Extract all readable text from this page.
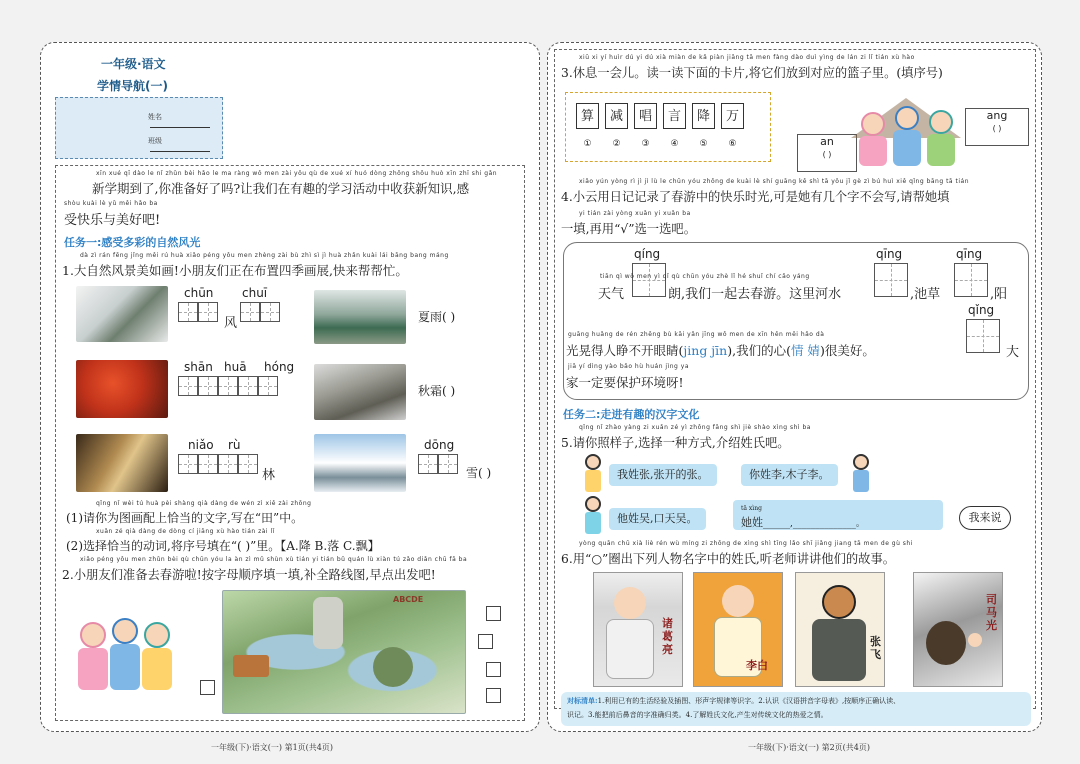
一年级·语文
学情导航(一)
姓名
班级
xīn xué qī dào le nǐ zhǔn bèi hǎo le ma ràng wǒ men zài yǒu qù de xué xí huó dòng zhōng shōu huò xīn zhī shi gǎn
新学期到了,你准备好了吗?让我们在有趣的学习活动中收获新知识,感
shòu kuài lè yǔ měi hǎo ba
受快乐与美好吧!
任务一:感受多彩的自然风光
dà zì rán fēng jǐng měi rú huà xiǎo péng yǒu men zhèng zài bù zhì sì jì huà zhǎn kuài lái bāng bang máng
1.大自然风景美如画!小朋友们正在布置四季画展,快来帮帮忙。
chūn chuī
风	夏雨( )
shān huā hóng
秋霜( )
niǎo rù
林
dōng
雪( )
qǐng nǐ wèi tú huà pèi shàng qià dàng de wén zì xiě zài zhōng
(1)请你为图画配上恰当的文字,写在“田”中。
xuǎn zé qià dàng de dòng cí jiāng xù hào tián zài lǐ
(2)选择恰当的动词,将序号填在“( )”里。【A.降 B.落 C.飘】
xiǎo péng yǒu men zhǔn bèi qù chūn yóu la àn zì mǔ shùn xù tián yi tián bǔ quán lù xiàn tú zǎo diǎn chū fā ba
2.小朋友们准备去春游啦!按字母顺序填一填,补全路线图,早点出发吧!
ABCDE
一年级(下)·语文(一) 第1页(共4页)
xiū xi yí huìr dú yi dú xià miàn de kǎ piàn jiāng tā men fàng dào duì yìng de lán zi lǐ tián xù hào
3.休息一会儿。读一读下面的卡片,将它们放到对应的篮子里。(填序号)
算 减 唱 言 降 万
① ② ③ ④ ⑤ ⑥	an
( )
ang
( )
xiǎo yún yòng rì jì jì lù le chūn yóu zhōng de kuài lè shí guāng kě shì tā yǒu jǐ gè zì bú huì xiě qǐng bāng tā tián
4.小云用日记记录了春游中的快乐时光,可是她有几个字不会写,请帮她填
yi tián zài yòng xuǎn yi xuǎn ba
一填,再用“√”选一选吧。
qíng	qīng	qīng
tiān qì wǒ men yì qǐ qù chūn yóu zhè lǐ hé shuǐ chí cǎo yáng
天气	朗,我们一起去春游。这里河水	,池草	,阳
qǐng
guāng huǎng de rén zhēng bù kāi yǎn jīng wǒ men de xīn hěn měi hǎo dà
光晃得人睁不开眼睛(jing jīn),我们的心(情 婧)很美好。	大
jiā yí dìng yào bǎo hù huán jìng ya
家一定要保护环境呀!
任务二:走进有趣的汉字文化
qǐng nǐ zhào yàng zi xuǎn zé yì zhǒng fāng shì jiè shào xìng shì ba
5.请你照样子,选择一种方式,介绍姓氏吧。
我姓张,张开的张。	你姓李,木子李。
他姓吴,口天吴。
tā xìng
她姓______,______________。	我来说
yòng quān chū xià liè rén wù míng zi zhōng de xìng shì tīng lǎo shī jiǎng jiang tā men de gù shi
6.用“○”圈出下列人物名字中的姓氏,听老师讲讲他们的故事。
诸葛亮
李白
张飞
司马光
对标清单:1.利用已有的生活经验及插图、形声字规律等识字。2.认识《汉语拼音字母表》,按顺序正确认读、
识记。3.能把前后鼻音的字准确归类。4.了解姓氏文化,产生对传统文化的热爱之情。
一年级(下)·语文(一) 第2页(共4页)
